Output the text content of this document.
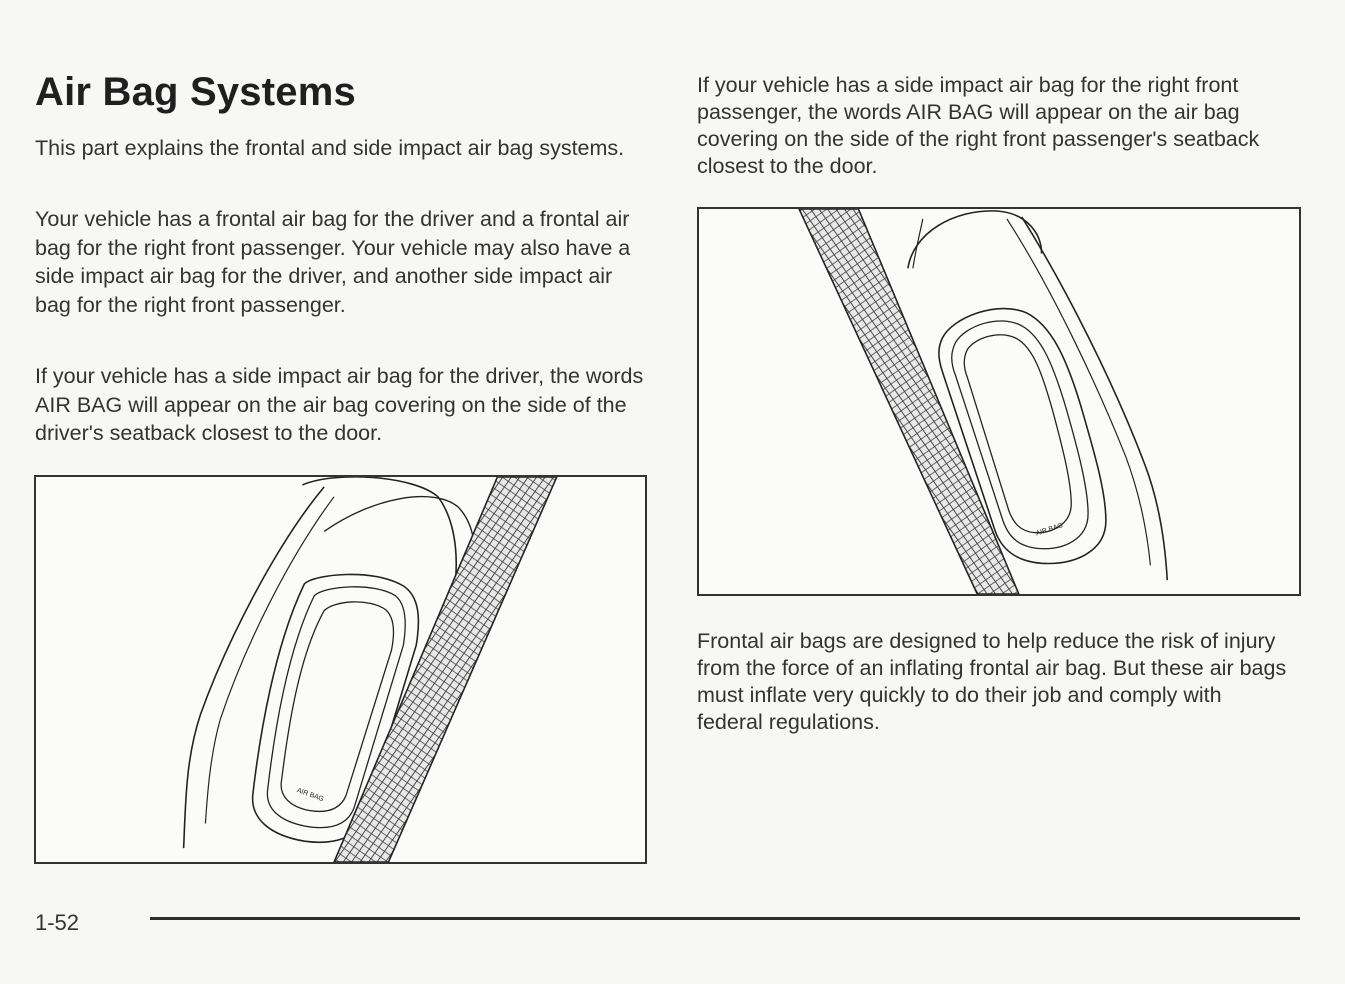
Air Bag Systems

This part explains the frontal and side impact air bag systems.

Your vehicle has a frontal air bag for the driver and a frontal air bag for the right front passenger. Your vehicle may also have a side impact air bag for the driver, and another side impact air bag for the right front passenger.

If your vehicle has a side impact air bag for the driver, the words AIR BAG will appear on the air bag covering on the side of the driver's seatback closest to the door.

AIR BAG

If your vehicle has a side impact air bag for the right front passenger, the words AIR BAG will appear on the air bag covering on the side of the right front passenger's seatback closest to the door.

AIR BAG

Frontal air bags are designed to help reduce the risk of injury from the force of an inflating frontal air bag. But these air bags must inflate very quickly to do their job and comply with federal regulations.

1-52
